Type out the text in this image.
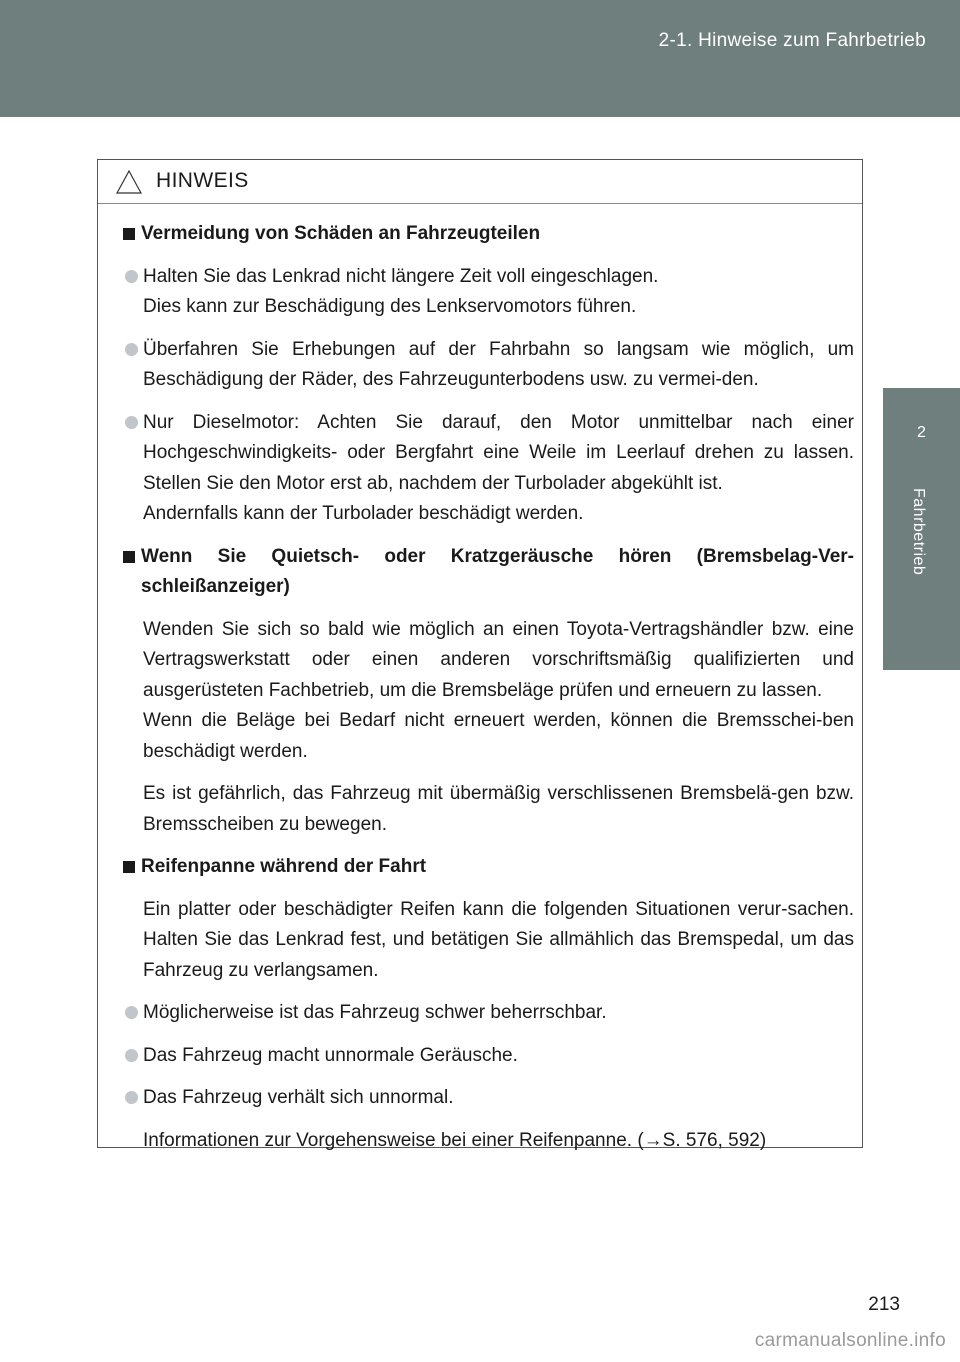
2-1. Hinweise zum Fahrbetrieb
2
Fahrbetrieb
HINWEIS
Vermeidung von Schäden an Fahrzeugteilen
Halten Sie das Lenkrad nicht längere Zeit voll eingeschlagen.
Dies kann zur Beschädigung des Lenkservomotors führen.
Überfahren Sie Erhebungen auf der Fahrbahn so langsam wie möglich, um Beschädigung der Räder, des Fahrzeugunterbodens usw. zu vermei-den.
Nur Dieselmotor: Achten Sie darauf, den Motor unmittelbar nach einer Hochgeschwindigkeits- oder Bergfahrt eine Weile im Leerlauf drehen zu lassen. Stellen Sie den Motor erst ab, nachdem der Turbolader abgekühlt ist.
Andernfalls kann der Turbolader beschädigt werden.
Wenn Sie Quietsch- oder Kratzgeräusche hören (Bremsbelag-Ver-schleißanzeiger)
Wenden Sie sich so bald wie möglich an einen Toyota-Vertragshändler bzw. eine Vertragswerkstatt oder einen anderen vorschriftsmäßig qualifizierten und ausgerüsteten Fachbetrieb, um die Bremsbeläge prüfen und erneuern zu lassen.
Wenn die Beläge bei Bedarf nicht erneuert werden, können die Bremsschei-ben beschädigt werden.
Es ist gefährlich, das Fahrzeug mit übermäßig verschlissenen Bremsbelä-gen bzw. Bremsscheiben zu bewegen.
Reifenpanne während der Fahrt
Ein platter oder beschädigter Reifen kann die folgenden Situationen verur-sachen. Halten Sie das Lenkrad fest, und betätigen Sie allmählich das Bremspedal, um das Fahrzeug zu verlangsamen.
Möglicherweise ist das Fahrzeug schwer beherrschbar.
Das Fahrzeug macht unnormale Geräusche.
Das Fahrzeug verhält sich unnormal.
Informationen zur Vorgehensweise bei einer Reifenpanne. (→S. 576, 592)
213
carmanualsonline.info
